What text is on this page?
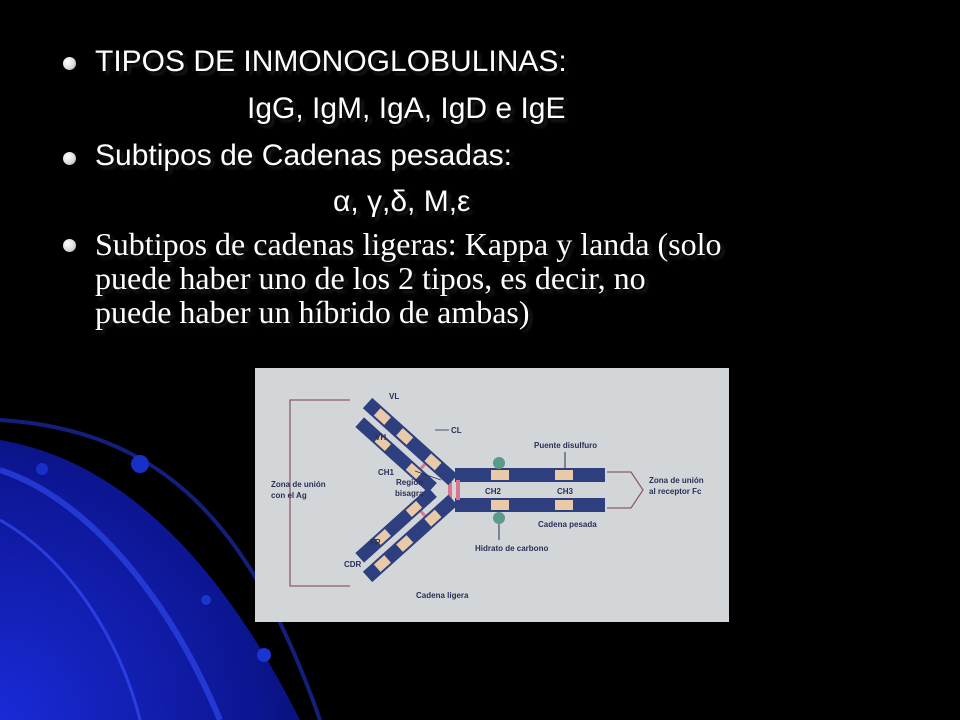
TIPOS DE INMONOGLOBULINAS:
IgG, IgM, IgA, IgD e IgE
Subtipos de Cadenas pesadas:
α, γ,δ, M,ε
Subtipos de cadenas ligeras: Kappa y landa (solo
puede haber uno de los 2 tipos, es decir, no
puede haber un híbrido de ambas)
VL
VH
CL
CH1
Región
bisagra
Puente disulfuro
CH2	CH3
Zona de unión
con el Ag
Zona de unión
al receptor Fc
Cadena pesada
Hidrato de carbono
FR
CDR
Cadena ligera
